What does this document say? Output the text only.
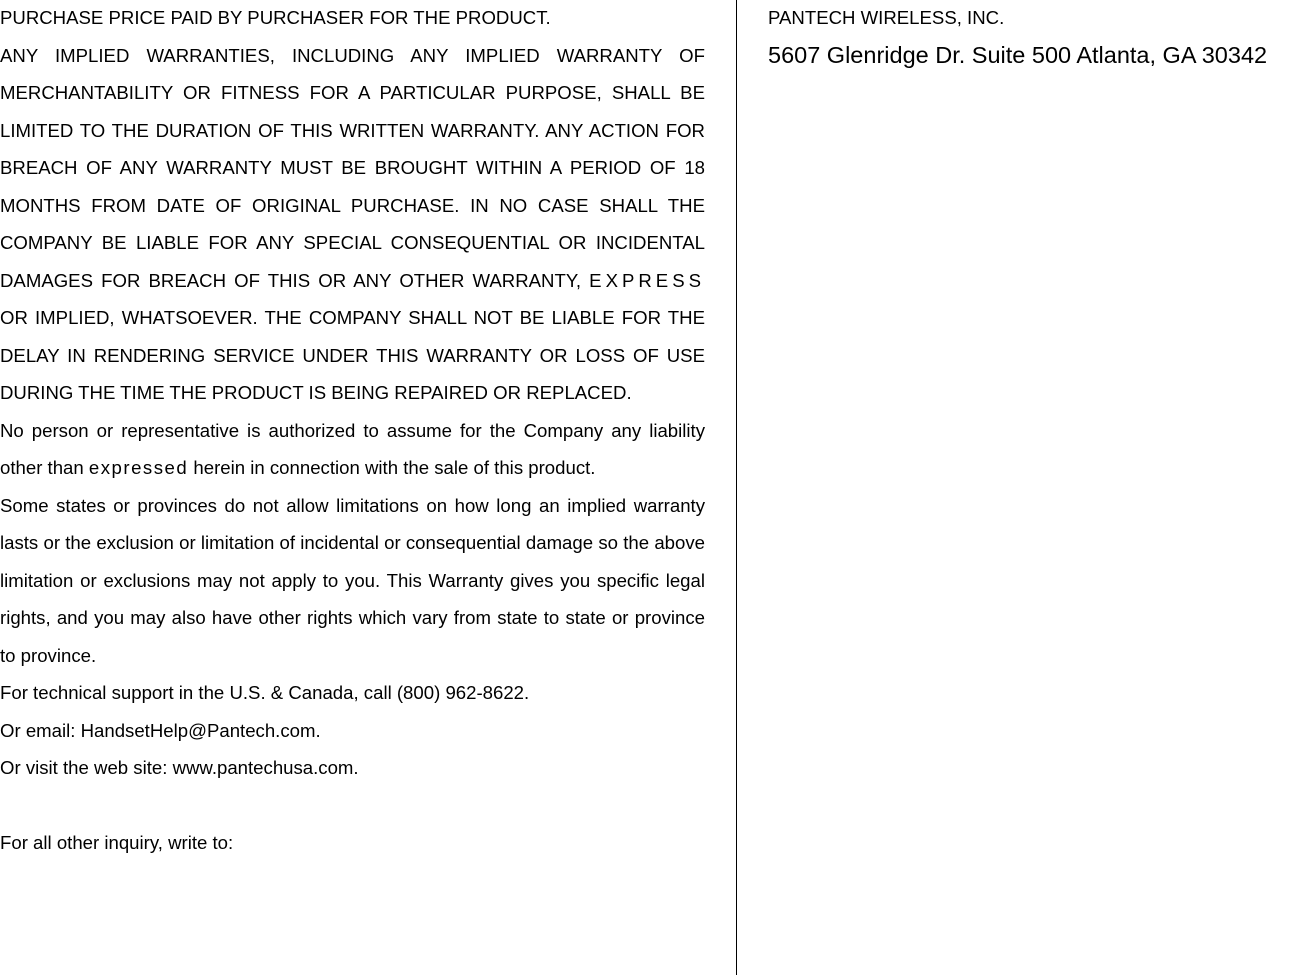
PURCHASE PRICE PAID BY PURCHASER FOR THE PRODUCT.

ANY IMPLIED WARRANTIES, INCLUDING ANY IMPLIED WARRANTY OF MERCHANTABILITY OR FITNESS FOR A PARTICULAR PURPOSE, SHALL BE LIMITED TO THE DURATION OF THIS WRITTEN WARRANTY. ANY ACTION FOR BREACH OF ANY WARRANTY MUST BE BROUGHT WITHIN A PERIOD OF 18 MONTHS FROM DATE OF ORIGINAL PURCHASE. IN NO CASE SHALL THE COMPANY BE LIABLE FOR ANY SPECIAL CONSEQUENTIAL OR INCIDENTAL DAMAGES FOR BREACH OF THIS OR ANY OTHER WARRANTY, EXPRESS OR IMPLIED, WHATSOEVER. THE COMPANY SHALL NOT BE LIABLE FOR THE DELAY IN RENDERING SERVICE UNDER THIS WARRANTY OR LOSS OF USE DURING THE TIME THE PRODUCT IS BEING REPAIRED OR REPLACED.

No person or representative is authorized to assume for the Company any liability other than expressed herein in connection with the sale of this product.

Some states or provinces do not allow limitations on how long an implied warranty lasts or the exclusion or limitation of incidental or consequential damage so the above limitation or exclusions may not apply to you. This Warranty gives you specific legal rights, and you may also have other rights which vary from state to state or province to province.

For technical support in the U.S. & Canada, call (800) 962-8622.

Or email: HandsetHelp@Pantech.com.

Or visit the web site: www.pantechusa.com.

For all other inquiry, write to:

PANTECH WIRELESS, INC.

5607 Glenridge Dr. Suite 500 Atlanta, GA 30342
